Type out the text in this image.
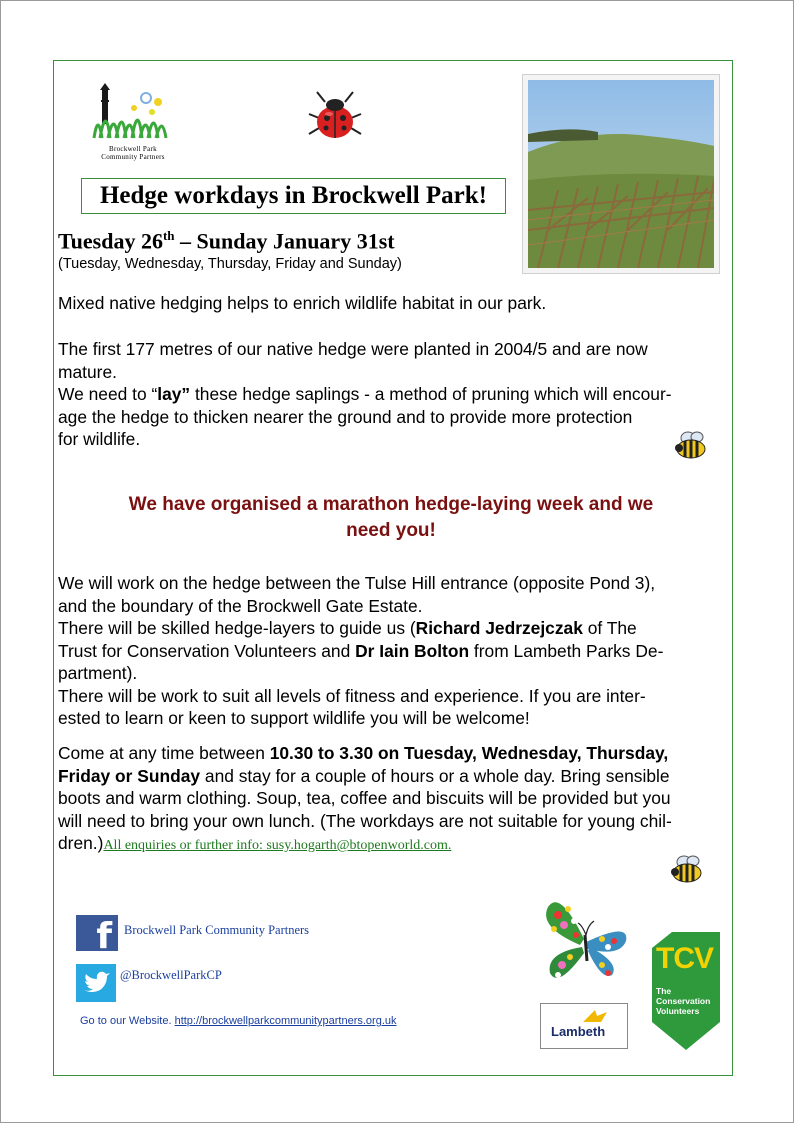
Brockwell Park
Community Partners
Hedge workdays in Brockwell Park!
Tuesday 26th – Sunday January 31st
(Tuesday, Wednesday, Thursday, Friday and Sunday)
Mixed native hedging helps to enrich wildlife habitat in our park.
The first 177 metres of our native hedge were planted in 2004/5 and are now
mature.
We need to “lay” these hedge saplings - a method of pruning which will encour-
age the hedge to thicken nearer the ground and to provide more protection
for wildlife.
We have organised a marathon hedge-laying week and we
need you!
We will work on the hedge between the Tulse Hill entrance (opposite Pond 3),
and the boundary of the Brockwell Gate Estate.
There will be skilled hedge-layers to guide us (Richard Jedrzejczak of The
Trust for Conservation Volunteers and Dr Iain Bolton from Lambeth Parks De-
partment).
There will be work to suit all levels of fitness and experience. If you are inter-
ested to learn or keen to support wildlife you will be welcome!
Come at any time between 10.30 to 3.30 on Tuesday, Wednesday, Thursday,
Friday or Sunday and stay for a couple of hours or a whole day. Bring sensible
boots and warm clothing. Soup, tea, coffee and biscuits will be provided but you
will need to bring your own lunch. (The workdays are not suitable for young chil-
dren.)All enquiries or further info: susy.hogarth@btopenworld.com.
f Brockwell Park Community Partners
@BrockwellParkCP
Go to our Website. http://brockwellparkcommunitypartners.org.uk
Lambeth
TCV
The
Conservation
Volunteers
